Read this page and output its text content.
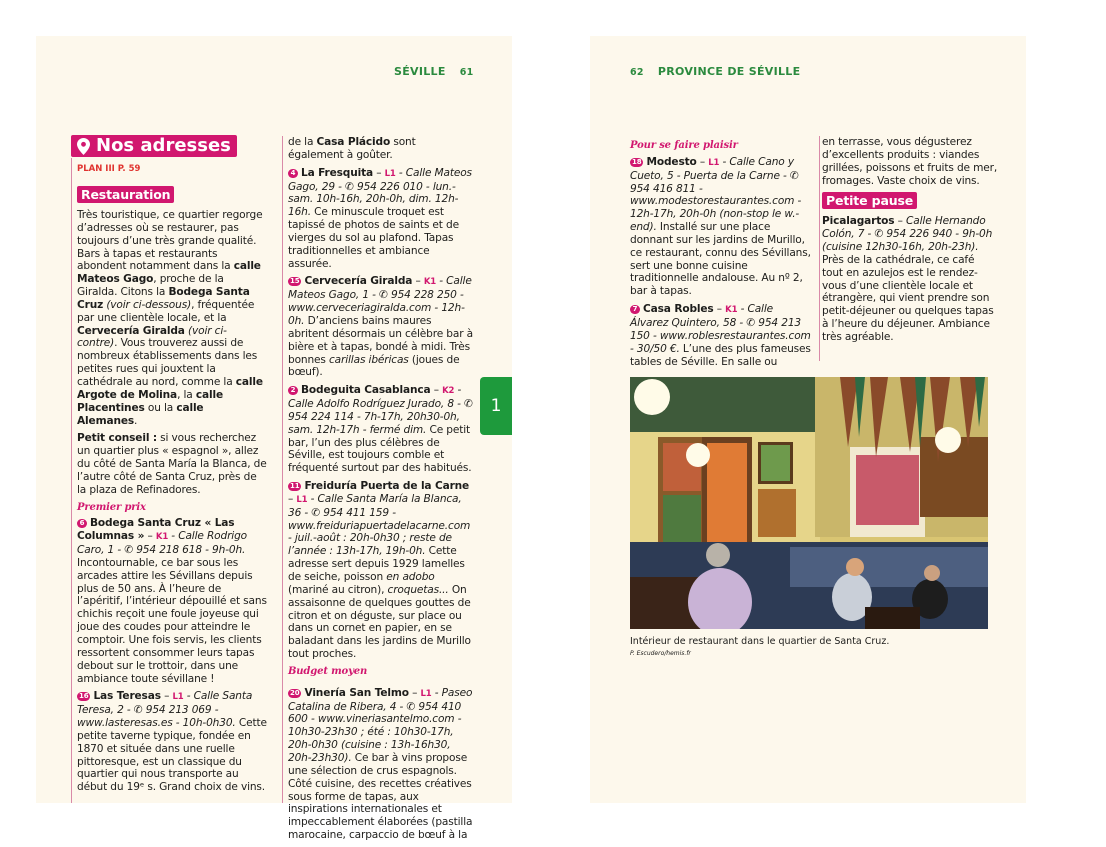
SÉVILLE 61
Nos adresses
PLAN III P. 59
Restauration

Très touristique, ce quartier regorge d’adresses où se restaurer, pas toujours d’une très grande qualité. Bars à tapas et restaurants abondent notamment dans la calle Mateos Gago, proche de la Giralda. Citons la Bodega Santa Cruz (voir ci-dessous), fréquentée par une clientèle locale, et la Cervecería Giralda (voir ci-contre). Vous trouverez aussi de nombreux établissements dans les petites rues qui jouxtent la cathédrale au nord, comme la calle Argote de Molina, la calle Placentines ou la calle Alemanes.

Petit conseil : si vous recherchez un quartier plus « espagnol », allez du côté de Santa María la Blanca, de l’autre côté de Santa Cruz, près de la plaza de Refinadores.

Premier prix

6 Bodega Santa Cruz « Las Columnas » – K1 - Calle Rodrigo Caro, 1 - ✆ 954 218 618 - 9h-0h. Incontournable, ce bar sous les arcades attire les Sévillans depuis plus de 50 ans. À l’heure de l’apéritif, l’intérieur dépouillé et sans chichis reçoit une foule joyeuse qui joue des coudes pour atteindre le comptoir. Une fois servis, les clients ressortent consommer leurs tapas debout sur le trottoir, dans une ambiance toute sévillane !

16 Las Teresas – L1 - Calle Santa Teresa, 2 - ✆ 954 213 069 - www.lasteresas.es - 10h-0h30. Cette petite taverne typique, fondée en 1870 et située dans une ruelle pittoresque, est un classique du quartier qui nous transporte au début du 19ᵉ s. Grand choix de vins.

de la Casa Plácido sont également à goûter.

4 La Fresquita – L1 - Calle Mateos Gago, 29 - ✆ 954 226 010 - lun.-sam. 10h-16h, 20h-0h, dim. 12h-16h. Ce minuscule troquet est tapissé de photos de saints et de vierges du sol au plafond. Tapas traditionnelles et ambiance assurée.

15 Cervecería Giralda – K1 - Calle Mateos Gago, 1 - ✆ 954 228 250 - www.cerveceriagiralda.com - 12h-0h. D’anciens bains maures abritent désormais un célèbre bar à bière et à tapas, bondé à midi. Très bonnes carillas ibéricas (joues de bœuf).

2 Bodeguita Casablanca – K2 - Calle Adolfo Rodríguez Jurado, 8 - ✆ 954 224 114 - 7h-17h, 20h30-0h, sam. 12h-17h - fermé dim. Ce petit bar, l’un des plus célèbres de Séville, est toujours comble et fréquenté surtout par des habitués.

11 Freiduría Puerta de la Carne – L1 - Calle Santa María la Blanca, 36 - ✆ 954 411 159 - www.freiduriapuertadelacarne.com - juil.-août : 20h-0h30 ; reste de l’année : 13h-17h, 19h-0h. Cette adresse sert depuis 1929 lamelles de seiche, poisson en adobo (mariné au citron), croquetas... On assaisonne de quelques gouttes de citron et on déguste, sur place ou dans un cornet en papier, en se baladant dans les jardins de Murillo tout proches.

Budget moyen

20 Vinería San Telmo – L1 - Paseo Catalina de Ribera, 4 - ✆ 954 410 600 - www.vineriasantelmo.com - 10h30-23h30 ; été : 10h30-17h, 20h-0h30 (cuisine : 13h-16h30, 20h-23h30). Ce bar à vins propose une sélection de crus espagnols. Côté cuisine, des recettes créatives sous forme de tapas, aux inspirations internationales et impeccablement élaborées (pastilla marocaine, carpaccio de bœuf à la

1
62 PROVINCE DE SÉVILLE
Pour se faire plaisir

18 Modesto – L1 - Calle Cano y Cueto, 5 - Puerta de la Carne - ✆ 954 416 811 - www.modestorestaurantes.com - 12h-17h, 20h-0h (non-stop le w.-end). Installé sur une place donnant sur les jardins de Murillo, ce restaurant, connu des Sévillans, sert une bonne cuisine traditionnelle andalouse. Au nº 2, bar à tapas.

7 Casa Robles – K1 - Calle Álvarez Quintero, 58 - ✆ 954 213 150 - www.roblesrestaurantes.com - 30/50 €. L’une des plus fameuses tables de Séville. En salle ou

en terrasse, vous dégusterez d’excellents produits : viandes grillées, poissons et fruits de mer, fromages. Vaste choix de vins.

Petite pause

Picalagartos – Calle Hernando Colón, 7 - ✆ 954 226 940 - 9h-0h (cuisine 12h30-16h, 20h-23h). Près de la cathédrale, ce café tout en azulejos est le rendez-vous d’une clientèle locale et étrangère, qui vient prendre son petit-déjeuner ou quelques tapas à l’heure du déjeuner. Ambiance très agréable.

Intérieur de restaurant dans le quartier de Santa Cruz.
P. Escudero/hemis.fr
